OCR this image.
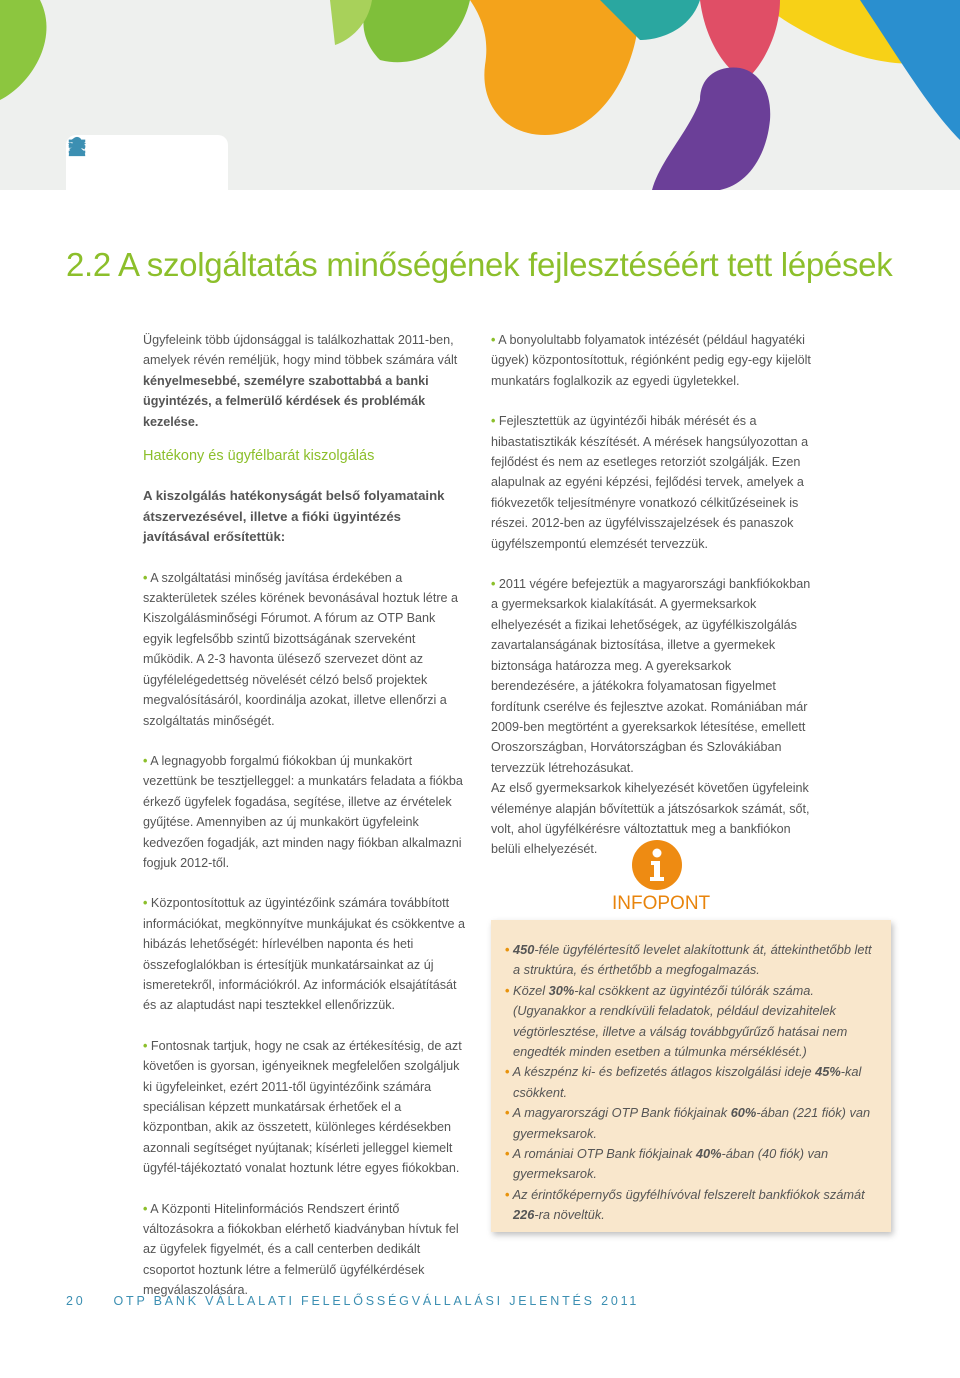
2.2 A szolgáltatás minőségének fejlesztéséért tett lépések

Ügyfeleink több újdonsággal is találkozhattak 2011-ben, amelyek révén reméljük, hogy mind többek számára vált kényelmesebbé, személyre szabottabbá a banki ügyintézés, a felmerülő kérdések és problémák kezelése.

Hatékony és ügyfélbarát kiszolgálás

A kiszolgálás hatékonyságát belső folyamataink átszervezésével, illetve a fióki ügyintézés javításával erősítettük:

• A szolgáltatási minőség javítása érdekében a szakterületek széles körének bevonásával hoztuk létre a Kiszolgálásminőségi Fórumot. A fórum az OTP Bank egyik legfelsőbb szintű bizottságának szerveként működik. A 2-3 havonta ülésező szervezet dönt az ügyfélelégedettség növelését célzó belső projektek megvalósításáról, koordinálja azokat, illetve ellenőrzi a szolgáltatás minőségét.

• A legnagyobb forgalmú fiókokban új munkakört vezettünk be tesztjelleggel: a munkatárs feladata a fiókba érkező ügyfelek fogadása, segítése, illetve az érvételek gyűjtése. Amennyiben az új munkakört ügyfeleink kedvezően fogadják, azt minden nagy fiókban alkalmazni fogjuk 2012-től.

• Központosítottuk az ügyintézőink számára továbbított információkat, megkönnyítve munkájukat és csökkentve a hibázás lehetőségét: hírlevélben naponta és heti összefoglalókban is értesítjük munkatársainkat az új ismeretekről, információkról. Az információk elsajátítását és az alaptudást napi tesztekkel ellenőrizzük.

• Fontosnak tartjuk, hogy ne csak az értékesítésig, de azt követően is gyorsan, igényeiknek megfelelően szolgáljuk ki ügyfeleinket, ezért 2011-től ügyintézőink számára speciálisan képzett munkatársak érhetőek el a központban, akik az összetett, különleges kérdésekben azonnali segítséget nyújtanak; kísérleti jelleggel kiemelt ügyfél-tájékoztató vonalat hoztunk létre egyes fiókokban.

• A Központi Hitelinformációs Rendszert érintő változásokra a fiókokban elérhető kiadványban hívtuk fel az ügyfelek figyelmét, és a call centerben dedikált csoportot hoztunk létre a felmerülő ügyfélkérdések megválaszolására.

• A bonyolultabb folyamatok intézését (például hagyatéki ügyek) központosítottuk, régiónként pedig egy-egy kijelölt munkatárs foglalkozik az egyedi ügyletekkel.

• Fejlesztettük az ügyintézői hibák mérését és a hibastatisztikák készítését. A mérések hangsúlyozottan a fejlődést és nem az esetleges retorziót szolgálják. Ezen alapulnak az egyéni képzési, fejlődési tervek, amelyek a fiókvezetők teljesítményre vonatkozó célkitűzéseinek is részei. 2012-ben az ügyfélvisszajelzések és panaszok ügyfélszempontú elemzését tervezzük.

• 2011 végére befejeztük a magyarországi bankfiókokban a gyermeksarkok kialakítását. A gyermeksarkok elhelyezését a fizikai lehetőségek, az ügyfélkiszolgálás zavartalanságának biztosítása, illetve a gyermekek biztonsága határozza meg. A gyereksarkok berendezésére, a játékokra folyamatosan figyelmet fordítunk cserélve és fejlesztve azokat. Romániában már 2009-ben megtörtént a gyereksarkok létesítése, emellett Oroszországban, Horvátországban és Szlovákiában tervezzük létrehozásukat.

Az első gyermeksarkok kihelyezését követően ügyfeleink véleménye alapján bővítettük a játszósarkok számát, sőt, volt, ahol ügyfélkérésre változtattuk meg a bankfiókon belüli elhelyezését.

INFOPONT

• 450-féle ügyfélértesítő levelet alakítottunk át, áttekinthetőbb lett a struktúra, és érthetőbb a megfogalmazás.

• Közel 30%-kal csökkent az ügyintézői túlórák száma. (Ugyanakkor a rendkívüli feladatok, például devizahitelek végtörlesztése, illetve a válság továbbgyűrűző hatásai nem engedték minden esetben a túlmunka mérséklését.)

• A készpénz ki- és befizetés átlagos kiszolgálási ideje 45%-kal csökkent.

• A magyarországi OTP Bank fiókjainak 60%-ában (221 fiók) van gyermeksarok.

• A romániai OTP Bank fiókjainak 40%-ában (40 fiók) van gyermeksarok.

• Az érintőképernyős ügyfélhívóval felszerelt bankfiókok számát 226-ra növeltük.

20 OTP BANK VÁLLALATI FELELŐSSÉGVÁLLALÁSI JELENTÉS 2011
